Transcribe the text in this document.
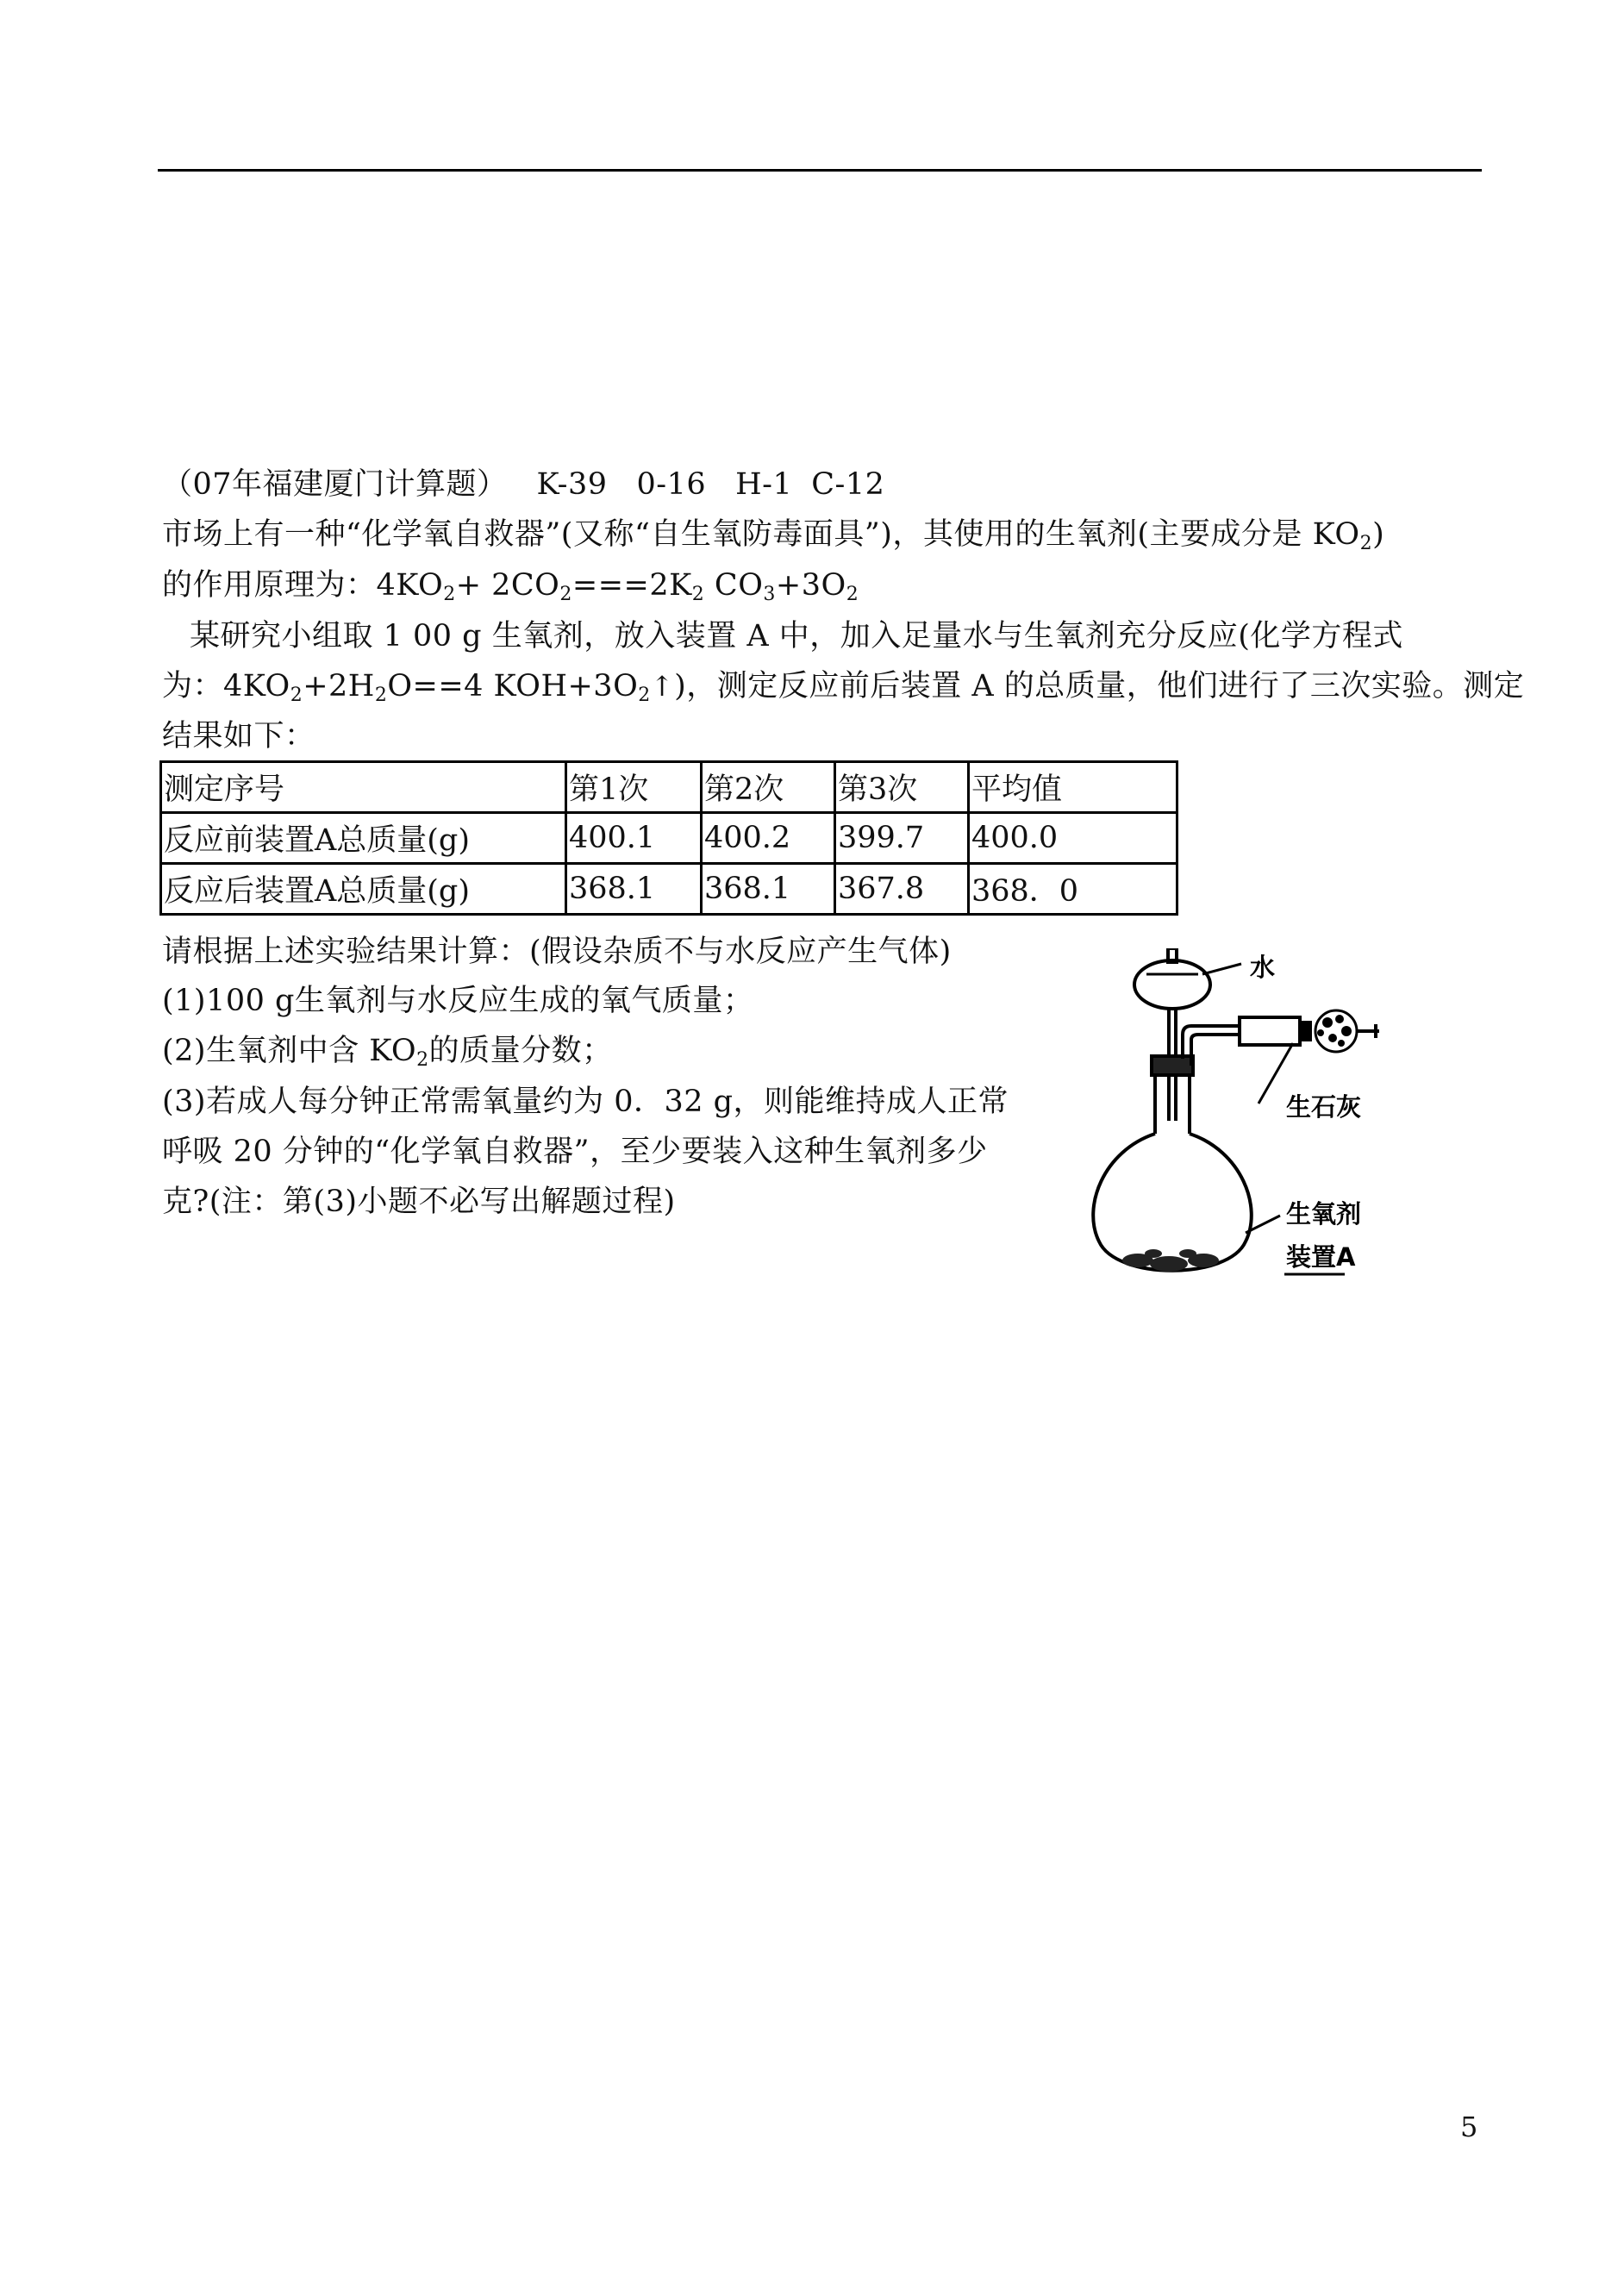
（07年福建厦门计算题） K-39 0-16 H-1 C-12
市场上有一种“化学氧自救器”(又称“自生氧防毒面具”)，其使用的生氧剂(主要成分是 $KO_2$)
的作用原理为：$4KO_2+ 2CO_2===2K_2$ $CO_3+3O_2$
某研究小组取 1 00 g 生氧剂，放入装置 A 中，加入足量水与生氧剂充分反应(化学方程式
为：$4KO_2+2H_2O==4$ $KOH+3O_2↑$)，测定反应前后装置 A 的总质量，他们进行了三次实验。测定
结果如下：
测定序号	第1次	第2次	第3次	平均值
反应前装置A总质量(g)	400.1	400.2	399.7	400.0
反应后装置A总质量(g)	368.1	368.1	367.8	368．0
请根据上述实验结果计算：(假设杂质不与水反应产生气体)
(1)100 g生氧剂与水反应生成的氧气质量；
(2)生氧剂中含 $KO_2$的质量分数；
(3)若成人每分钟正常需氧量约为 0．32 g，则能维持成人正常
呼吸 20 分钟的“化学氧自救器”，至少要装入这种生氧剂多少
克?(注：第(3)小题不必写出解题过程)
水
生石灰
生氧剂
装置A
5
